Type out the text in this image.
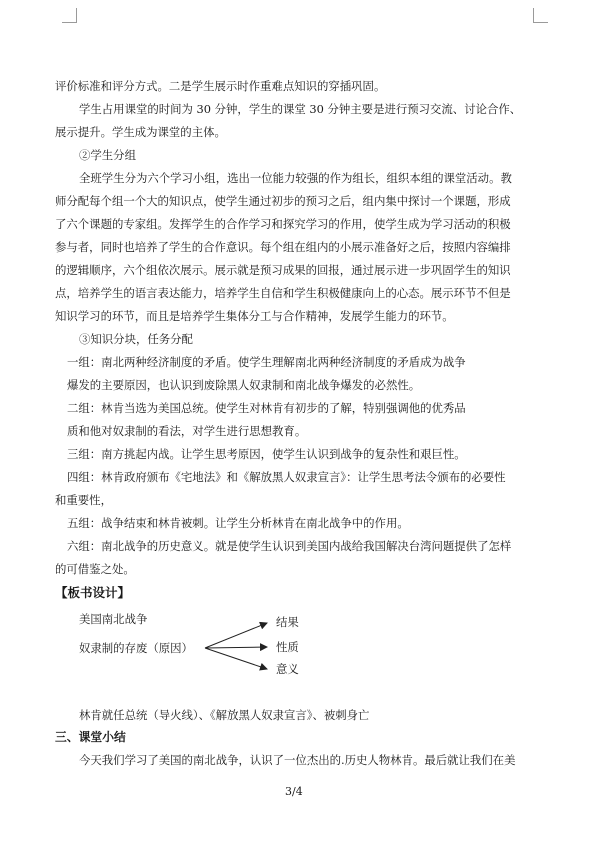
评价标准和评分方式。二是学生展示时作重难点知识的穿插巩固。
学生占用课堂的时间为 30 分钟，学生的课堂 30 分钟主要是进行预习交流、讨论合作、
展示提升。学生成为课堂的主体。
②学生分组
全班学生分为六个学习小组，选出一位能力较强的作为组长，组织本组的课堂活动。教
师分配每个组一个大的知识点，使学生通过初步的预习之后，组内集中探讨一个课题，形成
了六个课题的专家组。发挥学生的合作学习和探究学习的作用，使学生成为学习活动的积极
参与者，同时也培养了学生的合作意识。每个组在组内的小展示准备好之后，按照内容编排
的逻辑顺序，六个组依次展示。展示就是预习成果的回报，通过展示进一步巩固学生的知识
点，培养学生的语言表达能力，培养学生自信和学生积极健康向上的心态。展示环节不但是
知识学习的环节，而且是培养学生集体分工与合作精神，发展学生能力的环节。
③知识分块，任务分配
一组：南北两种经济制度的矛盾。使学生理解南北两种经济制度的矛盾成为战争
爆发的主要原因，也认识到废除黑人奴隶制和南北战争爆发的必然性。
二组：林肯当选为美国总统。使学生对林肯有初步的了解，特别强调他的优秀品
质和他对奴隶制的看法，对学生进行思想教育。
三组：南方挑起内战。让学生思考原因，使学生认识到战争的复杂性和艰巨性。
四组：林肯政府颁布《宅地法》和《解放黑人奴隶宣言》：让学生思考法令颁布的必要性
和重要性，
五组：战争结束和林肯被刺。让学生分析林肯在南北战争中的作用。
六组：南北战争的历史意义。就是使学生认识到美国内战给我国解决台湾问题提供了怎样
的可借鉴之处。
【板书设计】
美国南北战争
奴隶制的存废（原因）
结果
性质
意义
林肯就任总统（导火线）、《解放黑人奴隶宣言》、被刺身亡
三、课堂小结
今天我们学习了美国的南北战争，认识了一位杰出的.历史人物林肯。最后就让我们在美
3/4
